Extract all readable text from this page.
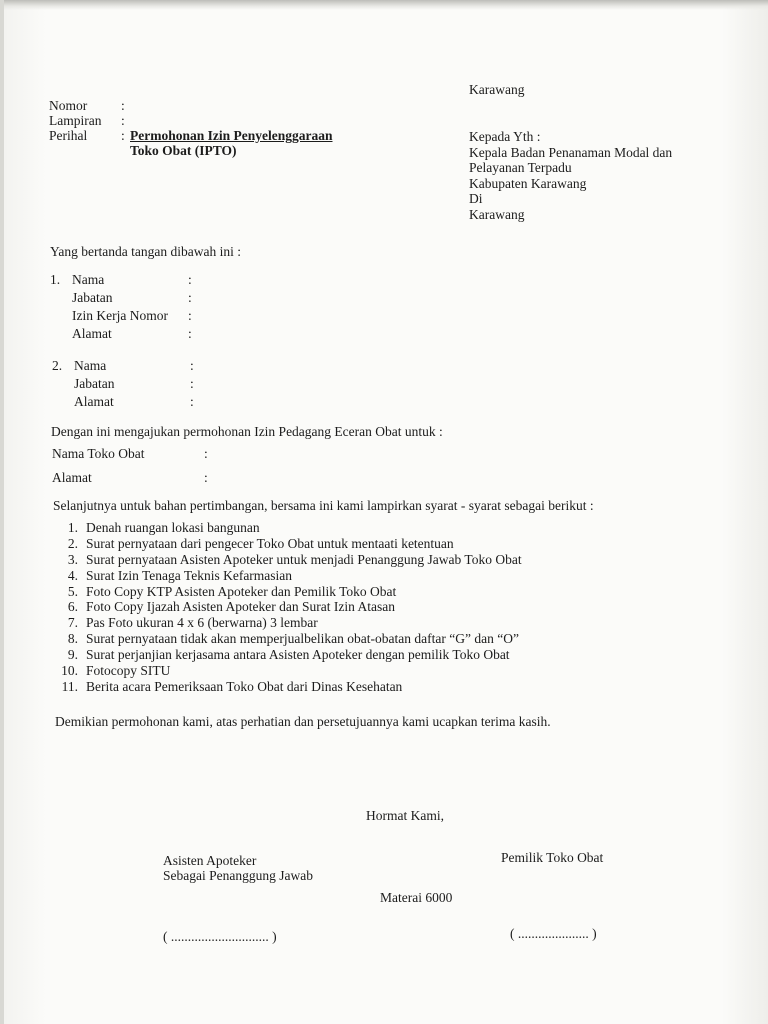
Karawang
Nomor	:
Lampiran :
Perihal	: Permohonan Izin Penyelenggaraan
Toko Obat (IPTO)
Kepada Yth :
Kepala Badan Penanaman Modal dan
Pelayanan Terpadu
Kabupaten Karawang
Di
Karawang
Yang bertanda tangan dibawah ini :
1. Nama	:
Jabatan	:
Izin Kerja Nomor :
Alamat	:
2. Nama	:
Jabatan	:
Alamat	:
Dengan ini mengajukan permohonan Izin Pedagang Eceran Obat untuk :
Nama Toko Obat	:
Alamat	:
Selanjutnya untuk bahan pertimbangan, bersama ini kami lampirkan syarat - syarat sebagai berikut :
1. Denah ruangan lokasi bangunan
2. Surat pernyataan dari pengecer Toko Obat untuk mentaati ketentuan
3. Surat pernyataan Asisten Apoteker untuk menjadi Penanggung Jawab Toko Obat
4. Surat Izin Tenaga Teknis Kefarmasian
5. Foto Copy KTP Asisten Apoteker dan Pemilik Toko Obat
6. Foto Copy Ijazah Asisten Apoteker dan Surat Izin Atasan
7. Pas Foto ukuran 4 x 6 (berwarna) 3 lembar
8. Surat pernyataan tidak akan memperjualbelikan obat-obatan daftar “G” dan “O”
9. Surat perjanjian kerjasama antara Asisten Apoteker dengan pemilik Toko Obat
10. Fotocopy SITU
11. Berita acara Pemeriksaan Toko Obat dari Dinas Kesehatan
Demikian permohonan kami, atas perhatian dan persetujuannya kami ucapkan terima kasih.
Hormat Kami,
Asisten Apoteker
Sebagai Penanggung Jawab
Pemilik Toko Obat
Materai 6000
( ............................. )	( ..................... )
